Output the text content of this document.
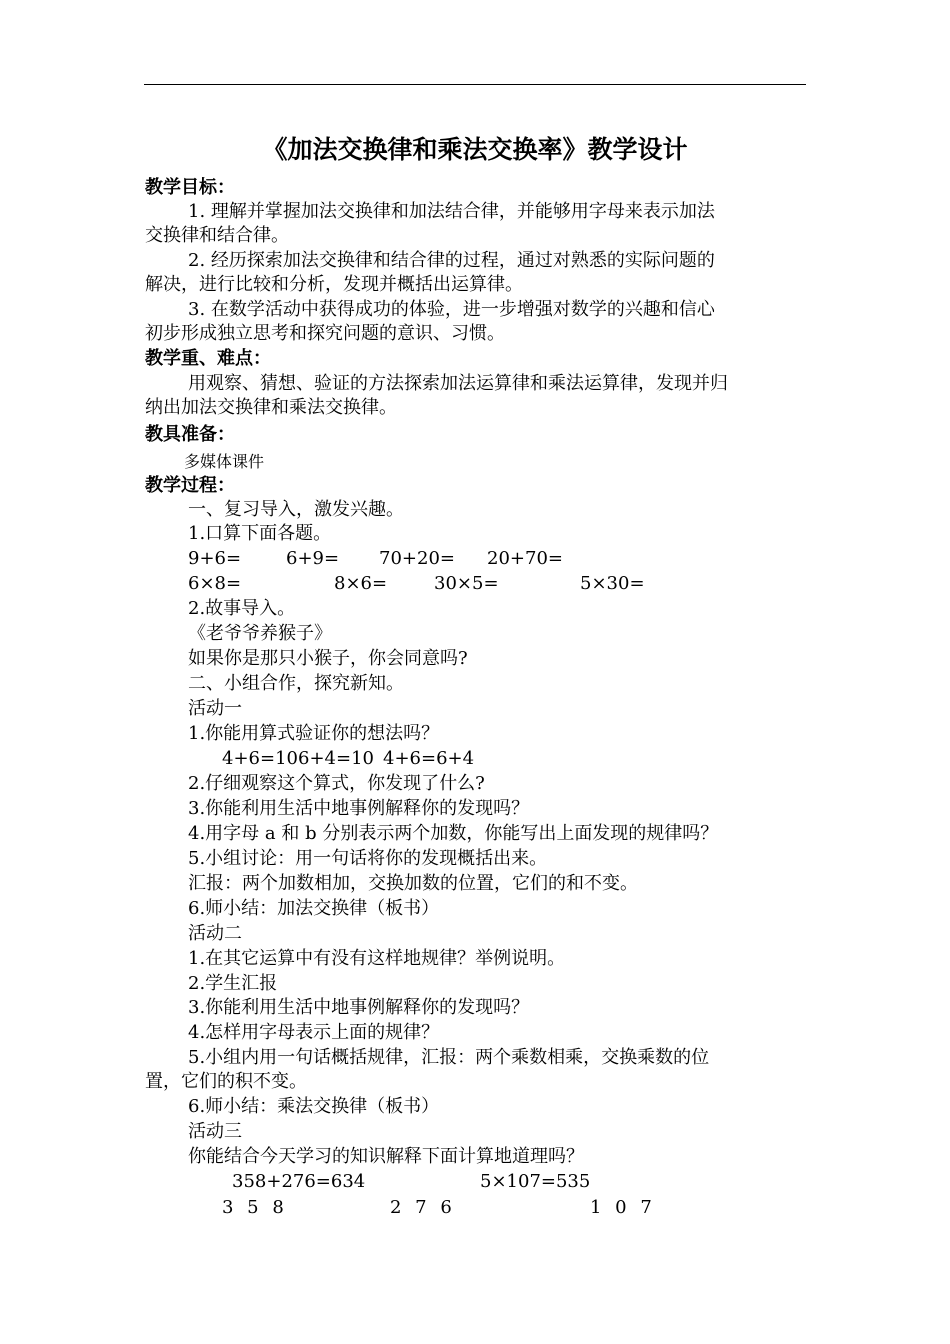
《加法交换律和乘法交换率》教学设计

教学目标：

1. 理解并掌握加法交换律和加法结合律，并能够用字母来表示加法

交换律和结合律。

2. 经历探索加法交换律和结合律的过程，通过对熟悉的实际问题的

解决，进行比较和分析，发现并概括出运算律。

3. 在数学活动中获得成功的体验，进一步增强对数学的兴趣和信心

初步形成独立思考和探究问题的意识、习惯。

教学重、难点：

用观察、猜想、验证的方法探索加法运算律和乘法运算律，发现并归

纳出加法交换律和乘法交换律。

教具准备：

多媒体课件

教学过程：

一、复习导入，激发兴趣。

1.口算下面各题。

9+6= 6+9= 70+20= 20+70=
6×8=	8×6=	30×5=	5×30=

2.故事导入。

《老爷爷养猴子》

如果你是那只小猴子，你会同意吗?

二、小组合作，探究新知。

活动一

1.你能用算式验证你的想法吗？

4+6=10 6+4=10 4+6=6+4

2.仔细观察这个算式，你发现了什么?

3.你能利用生活中地事例解释你的发现吗？

4.用字母 a 和 b 分别表示两个加数，你能写出上面发现的规律吗？

5.小组讨论：用一句话将你的发现概括出来。

汇报：两个加数相加，交换加数的位置，它们的和不变。

6.师小结：加法交换律（板书）

活动二

1.在其它运算中有没有这样地规律？举例说明。

2.学生汇报

3.你能利用生活中地事例解释你的发现吗？

4.怎样用字母表示上面的规律？

5.小组内用一句话概括规律，汇报：两个乘数相乘，交换乘数的位

置，它们的积不变。

6.师小结：乘法交换律（板书）

活动三

你能结合今天学习的知识解释下面计算地道理吗？

358+276=634	5×107=535
3 5 8	2 7 6	1 0 7
